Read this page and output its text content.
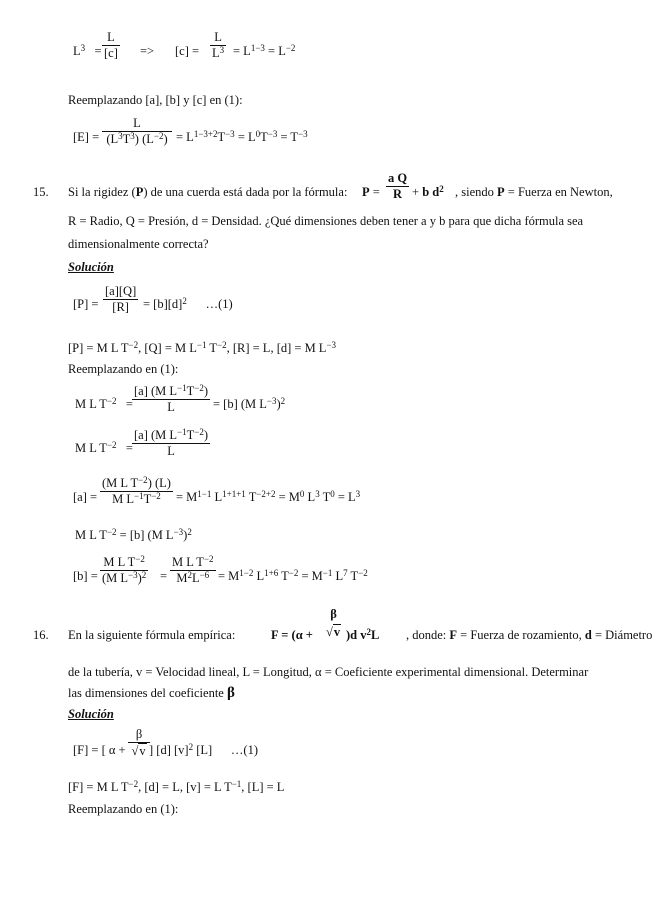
$L^3$ =
L
[c] => [c] =
L
$L^3 = L^{1-3} = L^{-2}$
Reemplazando [a], [b] y [c] en (1):
[E] =
L
$(L^3T^3) (L^{-2}) = L^{1-3+2}T^{-3} = L^0T^{-3} = T^{-3}$
15. Si la rigidez (P) de una cuerda está dada por la fórmula: P =
a Q
R + b $d^2$ , siendo P = Fuerza en Newton,
R = Radio, Q = Presión, d = Densidad. ¿Qué dimensiones deben tener a y b para que dicha fórmula sea
dimensionalmente correcta?
Solución
[P] =
[a][Q]
$[R] = [b][d]^2$ …(1)
[P] = M L $T^{-2}$, [Q] = M $L^{-1}$ $T^{-2}$, [R] = L, [d] = M $L^{-3}$
Reemplazando en (1):
M L $T^{-2}$ =
[a] (M $L^{-1}T^{-2}$)
L	= [b] (M $L^{-3})^2$
M L $T^{-2}$ =
[a] (M $L^{-1}T^{-2}$)
L
[a] =
(M L $T^{-2}$) (L)
M $L^{-1}T^{-2} = M^{1-1}$ $L^{1+1+1}$ $T^{-2+2} = M^0$ $L^3$ $T^0 = L^3$
M L $T^{-2} = [b]$ (M $L^{-3})^2$
[b] =
M L $T^{-2}$
(M $L^{-3})^2$ =
M L $T^{-2}$
$M^2L^{-6} = M^{1-2}$ $L^{1+6}$ $T^{-2} = M^{-1}$ $L^7$ $T^{-2}$
16. En la siguiente fórmula empírica:	F = (α +
β
√v )d $v^2L$ , donde: F = Fuerza de rozamiento, d = Diámetro
de la tubería, v = Velocidad lineal, L = Longitud, α = Coeficiente experimental dimensional. Determinar
las dimensiones del coeficiente β
Solución
[F] = [ α +
β
√v ] [d] $[v]^2$ [L] …(1)
[F] = M L $T^{-2}$, [d] = L, [v] = L $T^{-1}$, [L] = L
Reemplazando en (1):
